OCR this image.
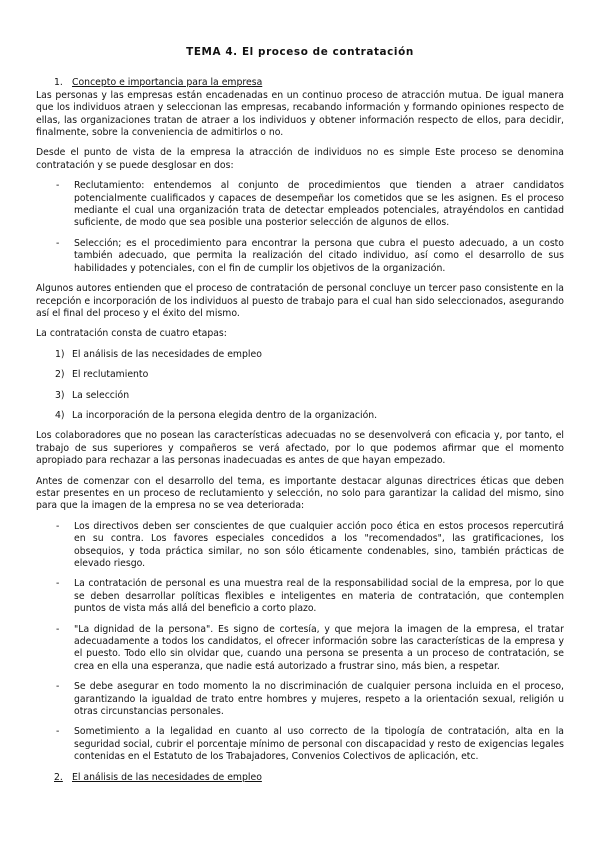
TEMA 4. El proceso de contratación
1. Concepto e importancia para la empresa

Las personas y las empresas están encadenadas en un continuo proceso de atracción mutua. De igual manera que los individuos atraen y seleccionan las empresas, recabando información y formando opiniones respecto de ellas, las organizaciones tratan de atraer a los individuos y obtener información respecto de ellos, para decidir, finalmente, sobre la conveniencia de admitirlos o no.

Desde el punto de vista de la empresa la atracción de individuos no es simple Este proceso se denomina contratación y se puede desglosar en dos:

- Reclutamiento: entendemos al conjunto de procedimientos que tienden a atraer candidatos potencialmente cualificados y capaces de desempeñar los cometidos que se les asignen. Es el proceso mediante el cual una organización trata de detectar empleados potenciales, atrayéndolos en cantidad suficiente, de modo que sea posible una posterior selección de algunos de ellos.
- Selección; es el procedimiento para encontrar la persona que cubra el puesto adecuado, a un costo también adecuado, que permita la realización del citado individuo, así como el desarrollo de sus habilidades y potenciales, con el fin de cumplir los objetivos de la organización.

Algunos autores entienden que el proceso de contratación de personal concluye un tercer paso consistente en la recepción e incorporación de los individuos al puesto de trabajo para el cual han sido seleccionados, asegurando así el final del proceso y el éxito del mismo.

La contratación consta de cuatro etapas:

1) El análisis de las necesidades de empleo
2) El reclutamiento
3) La selección
4) La incorporación de la persona elegida dentro de la organización.

Los colaboradores que no posean las características adecuadas no se desenvolverá con eficacia y, por tanto, el trabajo de sus superiores y compañeros se verá afectado, por lo que podemos afirmar que el momento apropiado para rechazar a las personas inadecuadas es antes de que hayan empezado.

Antes de comenzar con el desarrollo del tema, es importante destacar algunas directrices éticas que deben estar presentes en un proceso de reclutamiento y selección, no solo para garantizar la calidad del mismo, sino para que la imagen de la empresa no se vea deteriorada:

- Los directivos deben ser conscientes de que cualquier acción poco ética en estos procesos repercutirá en su contra. Los favores especiales concedidos a los "recomendados", las gratificaciones, los obsequios, y toda práctica similar, no son sólo éticamente condenables, sino, también prácticas de elevado riesgo.
- La contratación de personal es una muestra real de la responsabilidad social de la empresa, por lo que se deben desarrollar políticas flexibles e inteligentes en materia de contratación, que contemplen puntos de vista más allá del beneficio a corto plazo.
- "La dignidad de la persona". Es signo de cortesía, y que mejora la imagen de la empresa, el tratar adecuadamente a todos los candidatos, el ofrecer información sobre las características de la empresa y el puesto. Todo ello sin olvidar que, cuando una persona se presenta a un proceso de contratación, se crea en ella una esperanza, que nadie está autorizado a frustrar sino, más bien, a respetar.
- Se debe asegurar en todo momento la no discriminación de cualquier persona incluida en el proceso, garantizando la igualdad de trato entre hombres y mujeres, respeto a la orientación sexual, religión u otras circunstancias personales.
- Sometimiento a la legalidad en cuanto al uso correcto de la tipología de contratación, alta en la seguridad social, cubrir el porcentaje mínimo de personal con discapacidad y resto de exigencias legales contenidas en el Estatuto de los Trabajadores, Convenios Colectivos de aplicación, etc.
2. El análisis de las necesidades de empleo
